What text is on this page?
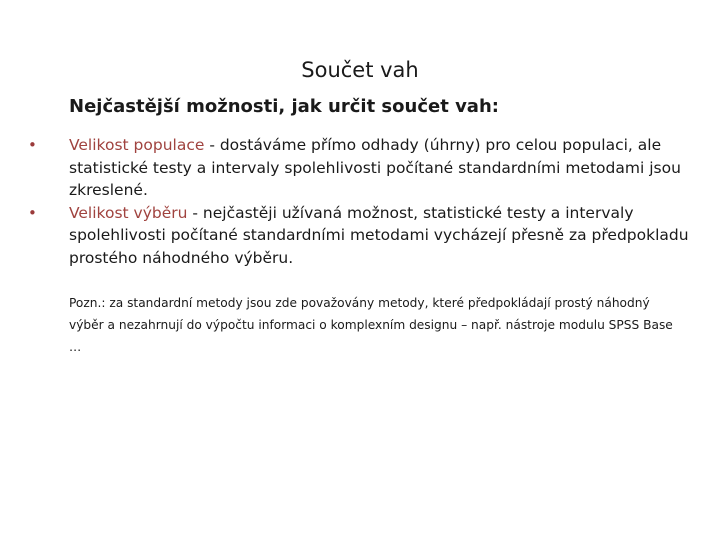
Součet vah
Nejčastější možnosti, jak určit součet vah:
• Velikost populace - dostáváme přímo odhady (úhrny) pro celou populaci, ale statistické testy a intervaly spolehlivosti počítané standardními metodami jsou zkreslené.
• Velikost výběru - nejčastěji užívaná možnost, statistické testy a intervaly spolehlivosti počítané standardními metodami vycházejí přesně za předpokladu prostého náhodného výběru.
Pozn.: za standardní metody jsou zde považovány metody, které předpokládají prostý náhodný výběr a nezahrnují do výpočtu informaci o komplexním designu – např. nástroje modulu SPSS Base …
